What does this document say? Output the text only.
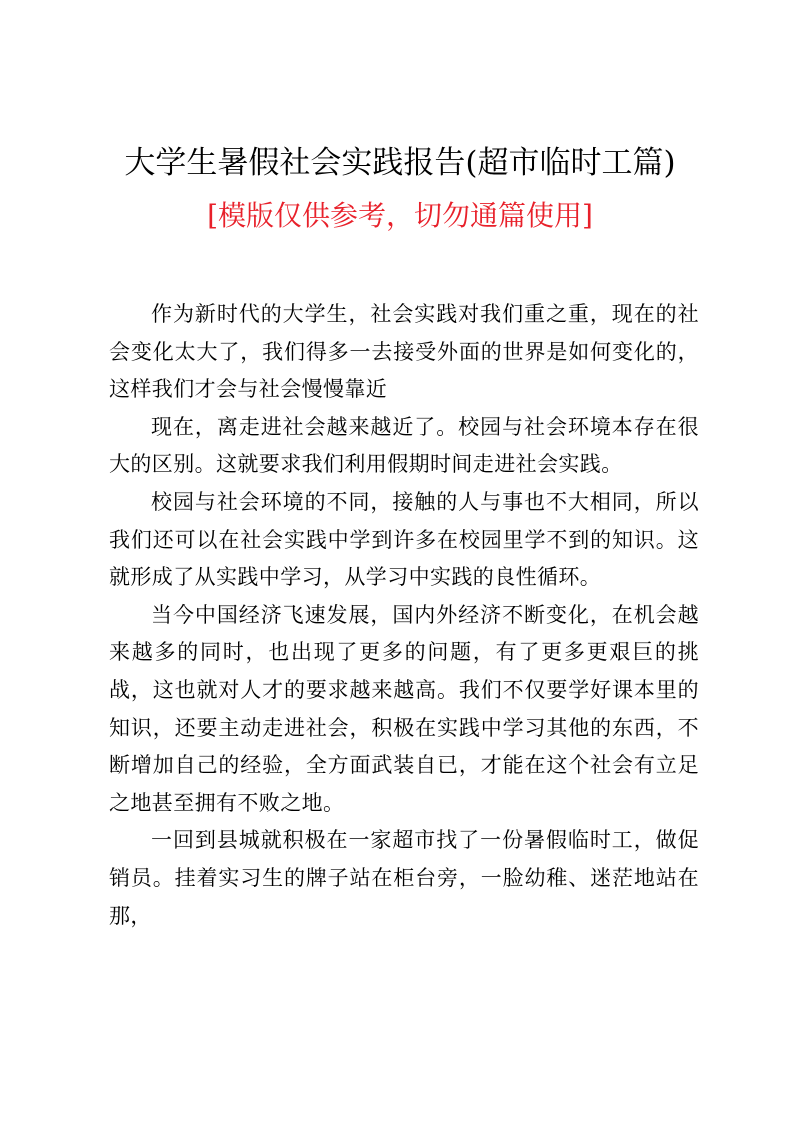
大学生暑假社会实践报告(超市临时工篇)
[模版仅供参考，切勿通篇使用]

作为新时代的大学生，社会实践对我们重之重，现在的社会变化太大了，我们得多一去接受外面的世界是如何变化的，这样我们才会与社会慢慢靠近

现在，离走进社会越来越近了。校园与社会环境本存在很大的区别。这就要求我们利用假期时间走进社会实践。

校园与社会环境的不同，接触的人与事也不大相同，所以我们还可以在社会实践中学到许多在校园里学不到的知识。这就形成了从实践中学习，从学习中实践的良性循环。

当今中国经济飞速发展，国内外经济不断变化，在机会越来越多的同时，也出现了更多的问题，有了更多更艰巨的挑战，这也就对人才的要求越来越高。我们不仅要学好课本里的知识，还要主动走进社会，积极在实践中学习其他的东西，不断增加自己的经验，全方面武装自已，才能在这个社会有立足之地甚至拥有不败之地。

一回到县城就积极在一家超市找了一份暑假临时工，做促销员。挂着实习生的牌子站在柜台旁，一脸幼稚、迷茫地站在那，
